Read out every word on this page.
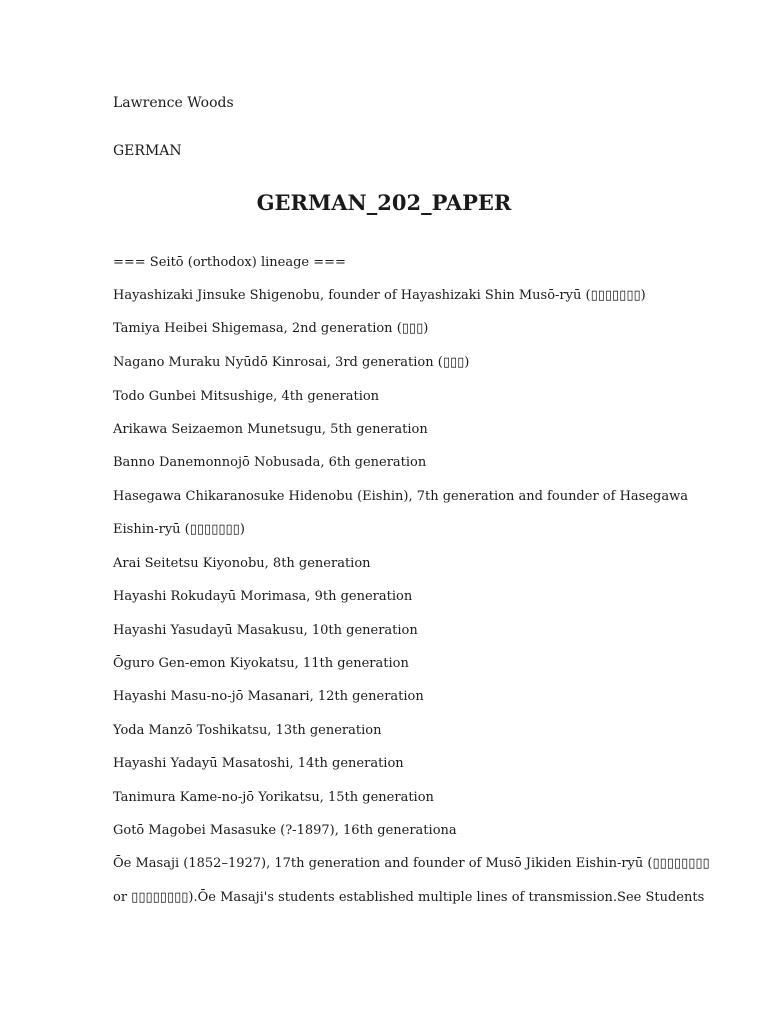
Lawrence Woods
GERMAN
GERMAN_202_PAPER
=== Seitō (orthodox) lineage ===
Hayashizaki Jinsuke Shigenobu, founder of Hayashizaki Shin Musō-ryū (▯▯▯▯▯▯▯)
Tamiya Heibei Shigemasa, 2nd generation (▯▯▯)
Nagano Muraku Nyūdō Kinrosai, 3rd generation (▯▯▯)
Todo Gunbei Mitsushige, 4th generation
Arikawa Seizaemon Munetsugu, 5th generation
Banno Danemonnojō Nobusada, 6th generation
Hasegawa Chikaranosuke Hidenobu (Eishin), 7th generation and founder of Hasegawa
Eishin-ryū (▯▯▯▯▯▯▯)
Arai Seitetsu Kiyonobu, 8th generation
Hayashi Rokudayū Morimasa, 9th generation
Hayashi Yasudayū Masakusu, 10th generation
Ōguro Gen-emon Kiyokatsu, 11th generation
Hayashi Masu-no-jō Masanari, 12th generation
Yoda Manzō Toshikatsu, 13th generation
Hayashi Yadayū Masatoshi, 14th generation
Tanimura Kame-no-jō Yorikatsu, 15th generation
Gotō Magobei Masasuke (?-1897), 16th generationa
Ōe Masaji (1852–1927), 17th generation and founder of Musō Jikiden Eishin-ryū (▯▯▯▯▯▯▯▯
or ▯▯▯▯▯▯▯▯).Ōe Masaji's students established multiple lines of transmission.See Students
